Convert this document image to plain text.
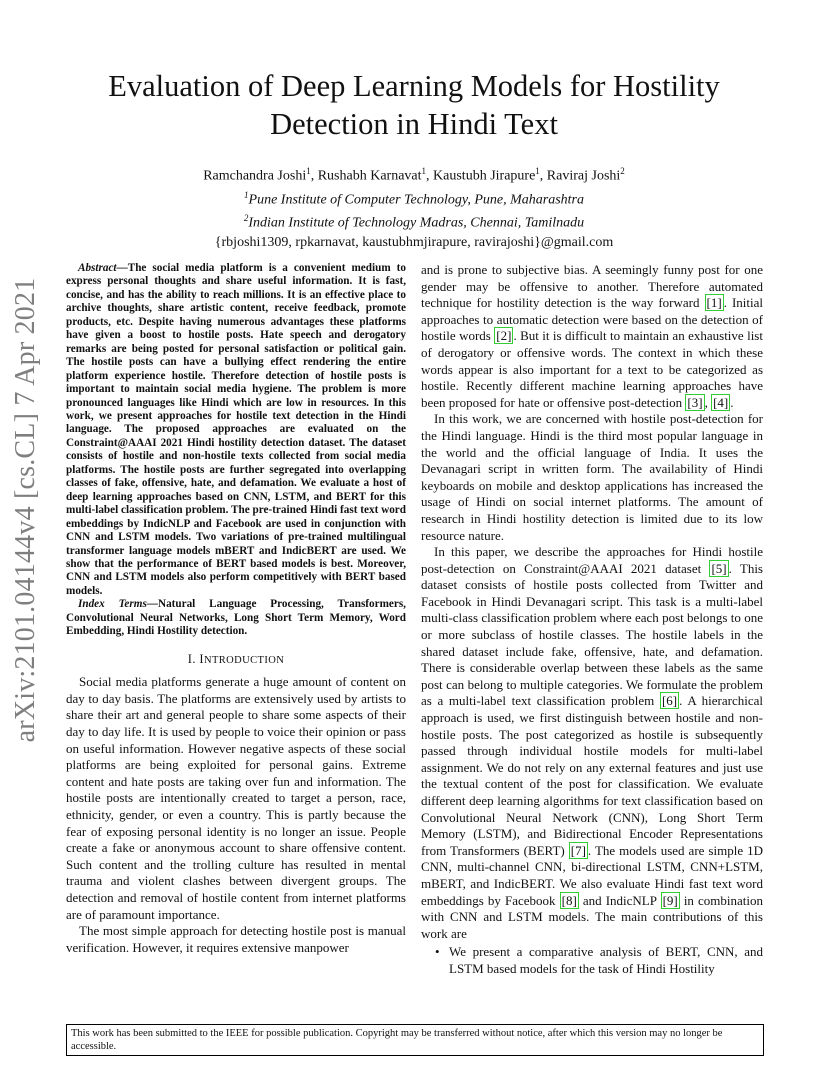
arXiv:2101.04144v4 [cs.CL] 7 Apr 2021
Evaluation of Deep Learning Models for Hostility
Detection in Hindi Text
Ramchandra Joshi$^1$, Rushabh Karnavat$^1$, Kaustubh Jirapure$^1$, Raviraj Joshi$^2$
$^1$Pune Institute of Computer Technology, Pune, Maharashtra
$^2$Indian Institute of Technology Madras, Chennai, Tamilnadu
{rbjoshi1309, rpkarnavat, kaustubhmjirapure, ravirajoshi}@gmail.com

Abstract—The social media platform is a convenient medium to express personal thoughts and share useful information. It is fast, concise, and has the ability to reach millions. It is an effective place to archive thoughts, share artistic content, receive feedback, promote products, etc. Despite having numerous advantages these platforms have given a boost to hostile posts. Hate speech and derogatory remarks are being posted for personal satisfaction or political gain. The hostile posts can have a bullying effect rendering the entire platform experience hostile. Therefore detection of hostile posts is important to maintain social media hygiene. The problem is more pronounced languages like Hindi which are low in resources. In this work, we present approaches for hostile text detection in the Hindi language. The proposed approaches are evaluated on the Constraint@AAAI 2021 Hindi hostility detection dataset. The dataset consists of hostile and non-hostile texts collected from social media platforms. The hostile posts are further segregated into overlapping classes of fake, offensive, hate, and defamation. We evaluate a host of deep learning approaches based on CNN, LSTM, and BERT for this multi-label classification problem. The pre-trained Hindi fast text word embeddings by IndicNLP and Facebook are used in conjunction with CNN and LSTM models. Two variations of pre-trained multilingual transformer language models mBERT and IndicBERT are used. We show that the performance of BERT based models is best. Moreover, CNN and LSTM models also perform competitively with BERT based models.

Index Terms—Natural Language Processing, Transformers, Convolutional Neural Networks, Long Short Term Memory, Word Embedding, Hindi Hostility detection.

I. INTRODUCTION

Social media platforms generate a huge amount of content on day to day basis. The platforms are extensively used by artists to share their art and general people to share some aspects of their day to day life. It is used by people to voice their opinion or pass on useful information. However negative aspects of these social platforms are being exploited for personal gains. Extreme content and hate posts are taking over fun and information. The hostile posts are intentionally created to target a person, race, ethnicity, gender, or even a country. This is partly because the fear of exposing personal identity is no longer an issue. People create a fake or anonymous account to share offensive content. Such content and the trolling culture has resulted in mental trauma and violent clashes between divergent groups. The detection and removal of hostile content from internet platforms are of paramount importance.

The most simple approach for detecting hostile post is manual verification. However, it requires extensive manpower

and is prone to subjective bias. A seemingly funny post for one gender may be offensive to another. Therefore automated technique for hostility detection is the way forward [1] . Initial approaches to automatic detection were based on the detection of hostile words [2] . But it is difficult to maintain an exhaustive list of derogatory or offensive words. The context in which these words appear is also important for a text to be categorized as hostile. Recently different machine learning approaches have been proposed for hate or offensive post-detection [3] , [4] .

In this work, we are concerned with hostile post-detection for the Hindi language. Hindi is the third most popular language in the world and the official language of India. It uses the Devanagari script in written form. The availability of Hindi keyboards on mobile and desktop applications has increased the usage of Hindi on social internet platforms. The amount of research in Hindi hostility detection is limited due to its low resource nature.

In this paper, we describe the approaches for Hindi hostile post-detection on Constraint@AAAI 2021 dataset [5] . This dataset consists of hostile posts collected from Twitter and Facebook in Hindi Devanagari script. This task is a multi-label multi-class classification problem where each post belongs to one or more subclass of hostile classes. The hostile labels in the shared dataset include fake, offensive, hate, and defamation. There is considerable overlap between these labels as the same post can belong to multiple categories. We formulate the problem as a multi-label text classification problem [6] . A hierarchical approach is used, we first distinguish between hostile and non-hostile posts. The post categorized as hostile is subsequently passed through individual hostile models for multi-label assignment. We do not rely on any external features and just use the textual content of the post for classification. We evaluate different deep learning algorithms for text classification based on Convolutional Neural Network (CNN), Long Short Term Memory (LSTM), and Bidirectional Encoder Representations from Transformers (BERT) [7] . The models used are simple 1D CNN, multi-channel CNN, bi-directional LSTM, CNN+LSTM, mBERT, and IndicBERT. We also evaluate Hindi fast text word embeddings by Facebook [8] and IndicNLP [9] in combination with CNN and LSTM models. The main contributions of this work are

• We present a comparative analysis of BERT, CNN, and LSTM based models for the task of Hindi Hostility
This work has been submitted to the IEEE for possible publication. Copyright may be transferred without notice, after which this version may no longer be accessible.
